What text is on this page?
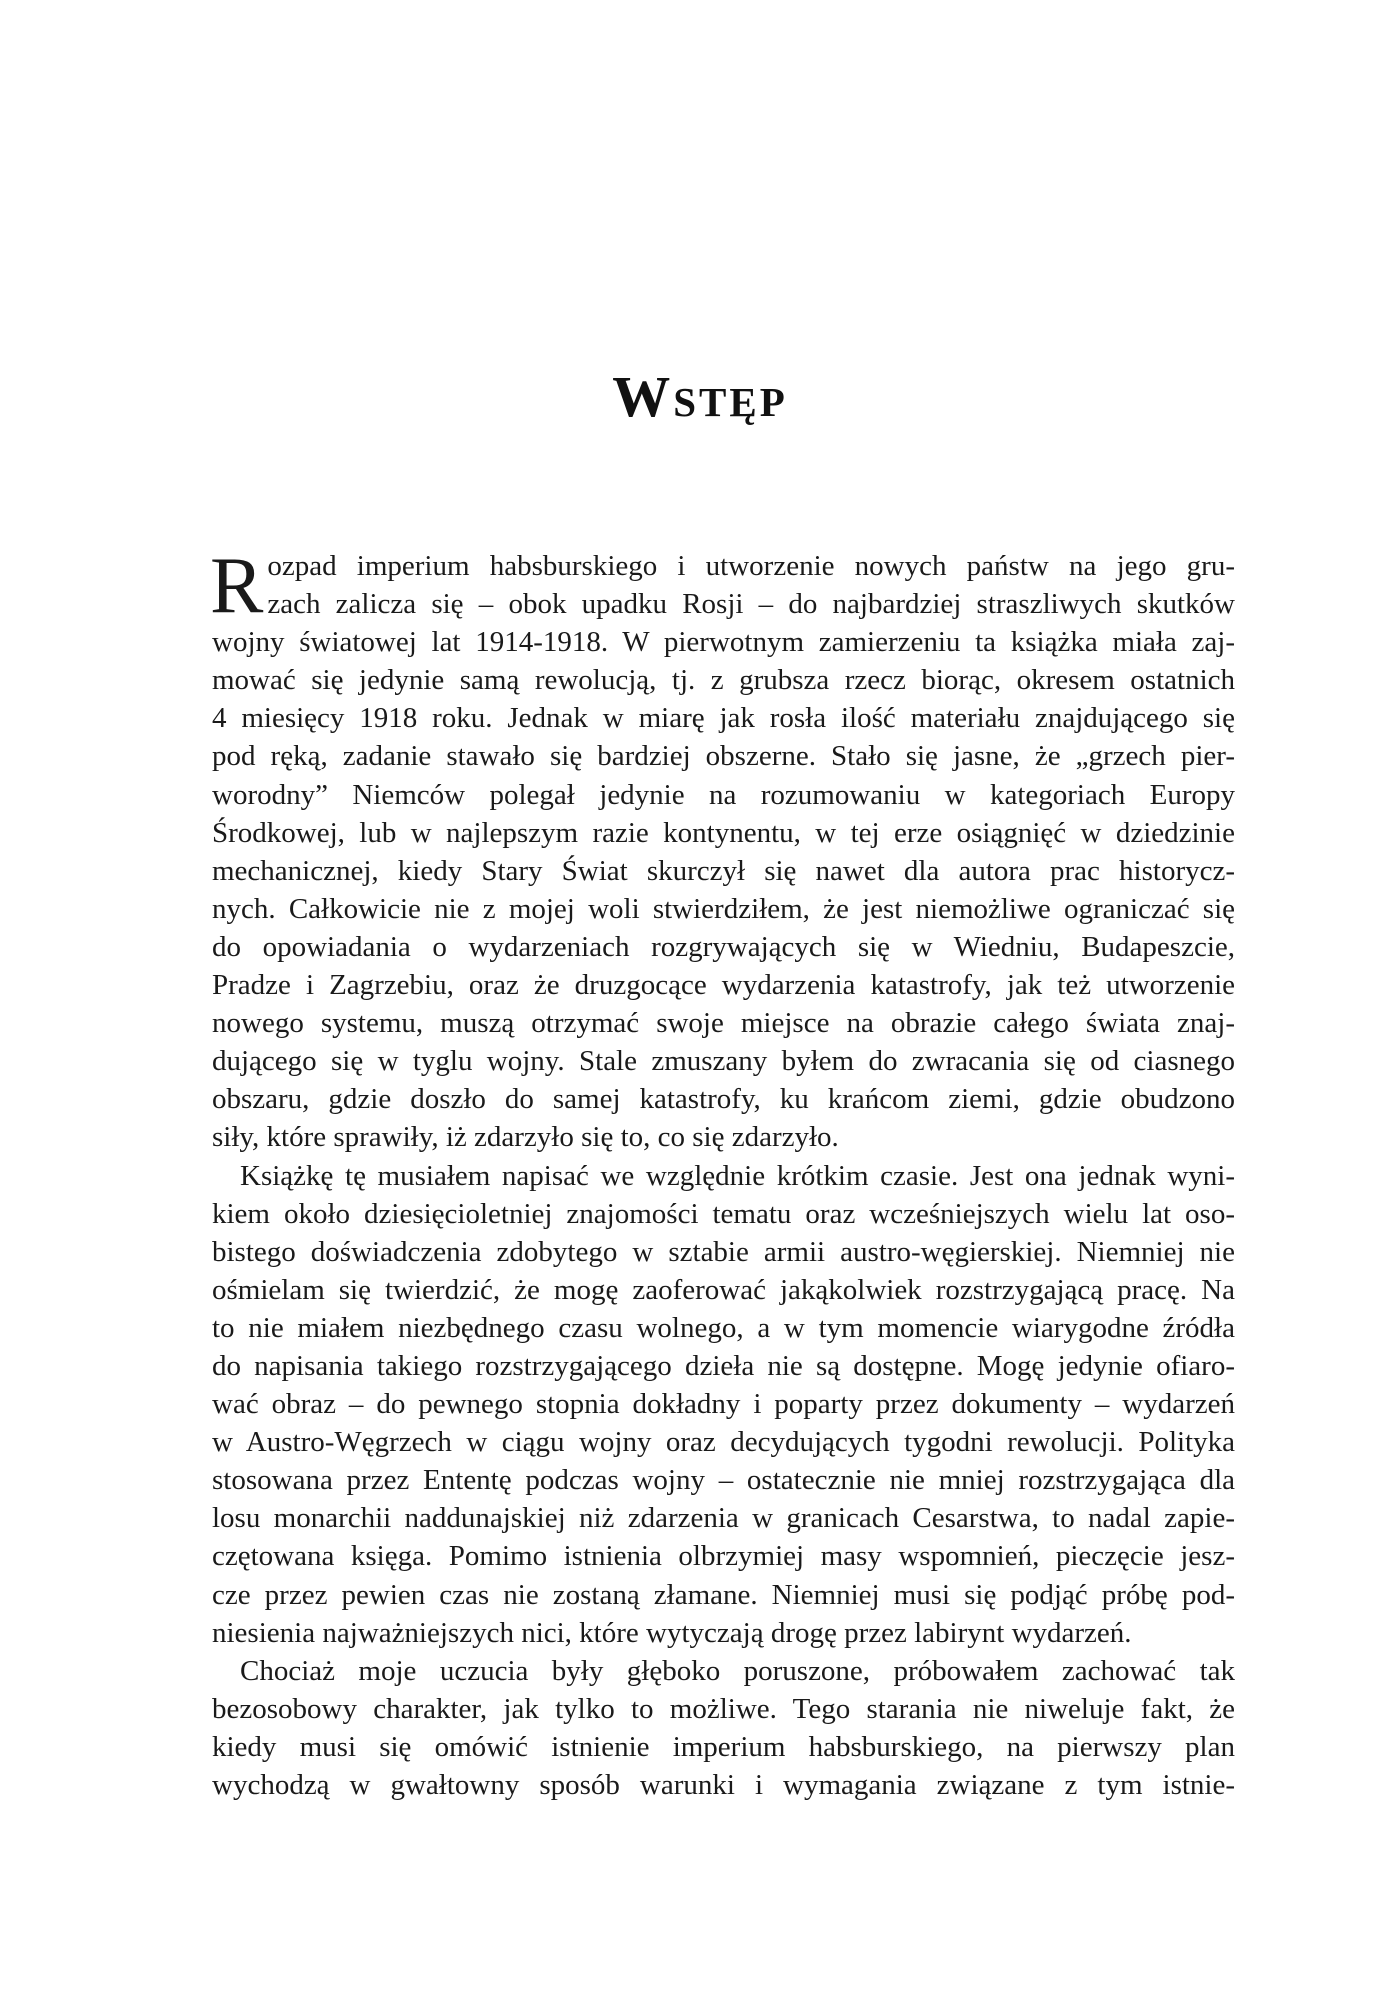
Wstęp

R ozpad imperium habsburskiego i utworzenie nowych państw na jego gru-
zach zalicza się – obok upadku Rosji – do najbardziej straszliwych skutków
wojny światowej lat 1914-1918. W pierwotnym zamierzeniu ta książka miała zaj-
mować się jedynie samą rewolucją, tj. z grubsza rzecz biorąc, okresem ostatnich
4 miesięcy 1918 roku. Jednak w miarę jak rosła ilość materiału znajdującego się
pod ręką, zadanie stawało się bardziej obszerne. Stało się jasne, że „grzech pier-
worodny” Niemców polegał jedynie na rozumowaniu w kategoriach Europy
Środkowej, lub w najlepszym razie kontynentu, w tej erze osiągnięć w dziedzinie
mechanicznej, kiedy Stary Świat skurczył się nawet dla autora prac historycz-
nych. Całkowicie nie z mojej woli stwierdziłem, że jest niemożliwe ograniczać się
do opowiadania o wydarzeniach rozgrywających się w Wiedniu, Budapeszcie,
Pradze i Zagrzebiu, oraz że druzgocące wydarzenia katastrofy, jak też utworzenie
nowego systemu, muszą otrzymać swoje miejsce na obrazie całego świata znaj-
dującego się w tyglu wojny. Stale zmuszany byłem do zwracania się od ciasnego
obszaru, gdzie doszło do samej katastrofy, ku krańcom ziemi, gdzie obudzono
siły, które sprawiły, iż zdarzyło się to, co się zdarzyło.

Książkę tę musiałem napisać we względnie krótkim czasie. Jest ona jednak wyni-
kiem około dziesięcioletniej znajomości tematu oraz wcześniejszych wielu lat oso-
bistego doświadczenia zdobytego w sztabie armii austro-węgierskiej. Niemniej nie
ośmielam się twierdzić, że mogę zaoferować jakąkolwiek rozstrzygającą pracę. Na
to nie miałem niezbędnego czasu wolnego, a w tym momencie wiarygodne źródła
do napisania takiego rozstrzygającego dzieła nie są dostępne. Mogę jedynie ofiaro-
wać obraz – do pewnego stopnia dokładny i poparty przez dokumenty – wydarzeń
w Austro-Węgrzech w ciągu wojny oraz decydujących tygodni rewolucji. Polityka
stosowana przez Ententę podczas wojny – ostatecznie nie mniej rozstrzygająca dla
losu monarchii naddunajskiej niż zdarzenia w granicach Cesarstwa, to nadal zapie-
czętowana księga. Pomimo istnienia olbrzymiej masy wspomnień, pieczęcie jesz-
cze przez pewien czas nie zostaną złamane. Niemniej musi się podjąć próbę pod-
niesienia najważniejszych nici, które wytyczają drogę przez labirynt wydarzeń.

Chociaż moje uczucia były głęboko poruszone, próbowałem zachować tak
bezosobowy charakter, jak tylko to możliwe. Tego starania nie niweluje fakt, że
kiedy musi się omówić istnienie imperium habsburskiego, na pierwszy plan
wychodzą w gwałtowny sposób warunki i wymagania związane z tym istnie-
